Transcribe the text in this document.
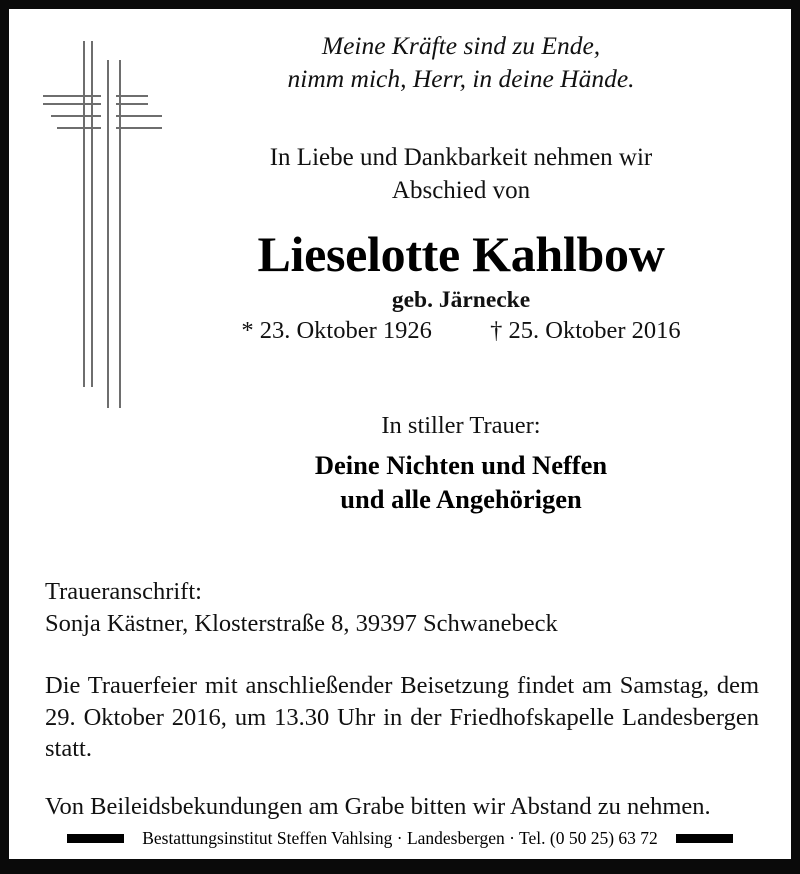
Meine Kräfte sind zu Ende,
nimm mich, Herr, in deine Hände.
In Liebe und Dankbarkeit nehmen wir
Abschied von
Lieselotte Kahlbow
geb. Järnecke
* 23. Oktober 1926 † 25. Oktober 2016
In stiller Trauer:
Deine Nichten und Neffen
und alle Angehörigen

Traueranschrift:

Sonja Kästner, Klosterstraße 8, 39397 Schwanebeck

Die Trauerfeier mit anschließender Beisetzung findet am Samstag, dem 29. Oktober 2016, um 13.30 Uhr in der Friedhofskapelle Landesbergen statt.

Von Beileidsbekundungen am Grabe bitten wir Abstand zu nehmen.

Bestattungsinstitut Steffen Vahlsing · Landesbergen · Tel. (0 50 25) 63 72
